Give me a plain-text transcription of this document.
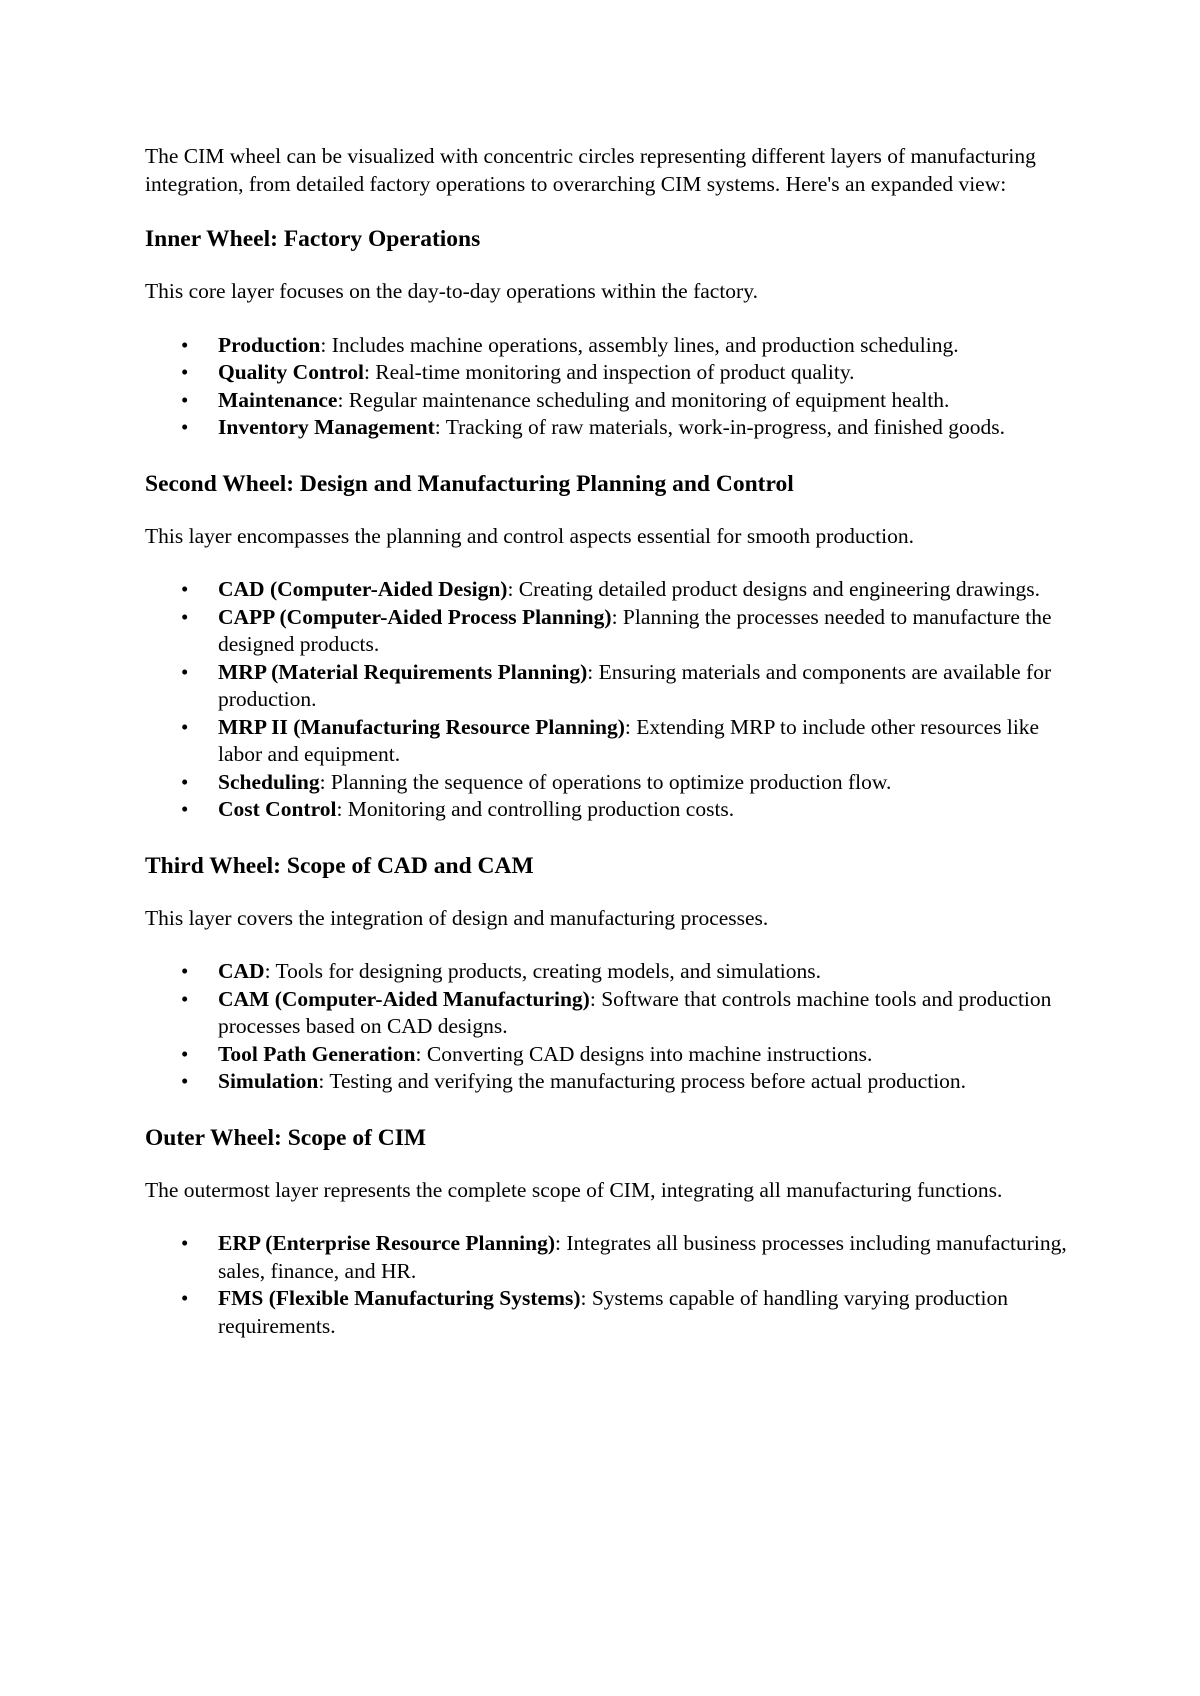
The CIM wheel can be visualized with concentric circles representing different layers of manufacturing integration, from detailed factory operations to overarching CIM systems. Here's an expanded view:

Inner Wheel: Factory Operations

This core layer focuses on the day-to-day operations within the factory.

• Production: Includes machine operations, assembly lines, and production scheduling.
• Quality Control: Real-time monitoring and inspection of product quality.
• Maintenance: Regular maintenance scheduling and monitoring of equipment health.
• Inventory Management: Tracking of raw materials, work-in-progress, and finished goods.
Second Wheel: Design and Manufacturing Planning and Control

This layer encompasses the planning and control aspects essential for smooth production.

• CAD (Computer-Aided Design): Creating detailed product designs and engineering drawings.
• CAPP (Computer-Aided Process Planning): Planning the processes needed to manufacture the designed products.
• MRP (Material Requirements Planning): Ensuring materials and components are available for production.
• MRP II (Manufacturing Resource Planning): Extending MRP to include other resources like labor and equipment.
• Scheduling: Planning the sequence of operations to optimize production flow.
• Cost Control: Monitoring and controlling production costs.
Third Wheel: Scope of CAD and CAM

This layer covers the integration of design and manufacturing processes.

• CAD: Tools for designing products, creating models, and simulations.
• CAM (Computer-Aided Manufacturing): Software that controls machine tools and production processes based on CAD designs.
• Tool Path Generation: Converting CAD designs into machine instructions.
• Simulation: Testing and verifying the manufacturing process before actual production.
Outer Wheel: Scope of CIM

The outermost layer represents the complete scope of CIM, integrating all manufacturing functions.

• ERP (Enterprise Resource Planning): Integrates all business processes including manufacturing, sales, finance, and HR.
• FMS (Flexible Manufacturing Systems): Systems capable of handling varying production requirements.
